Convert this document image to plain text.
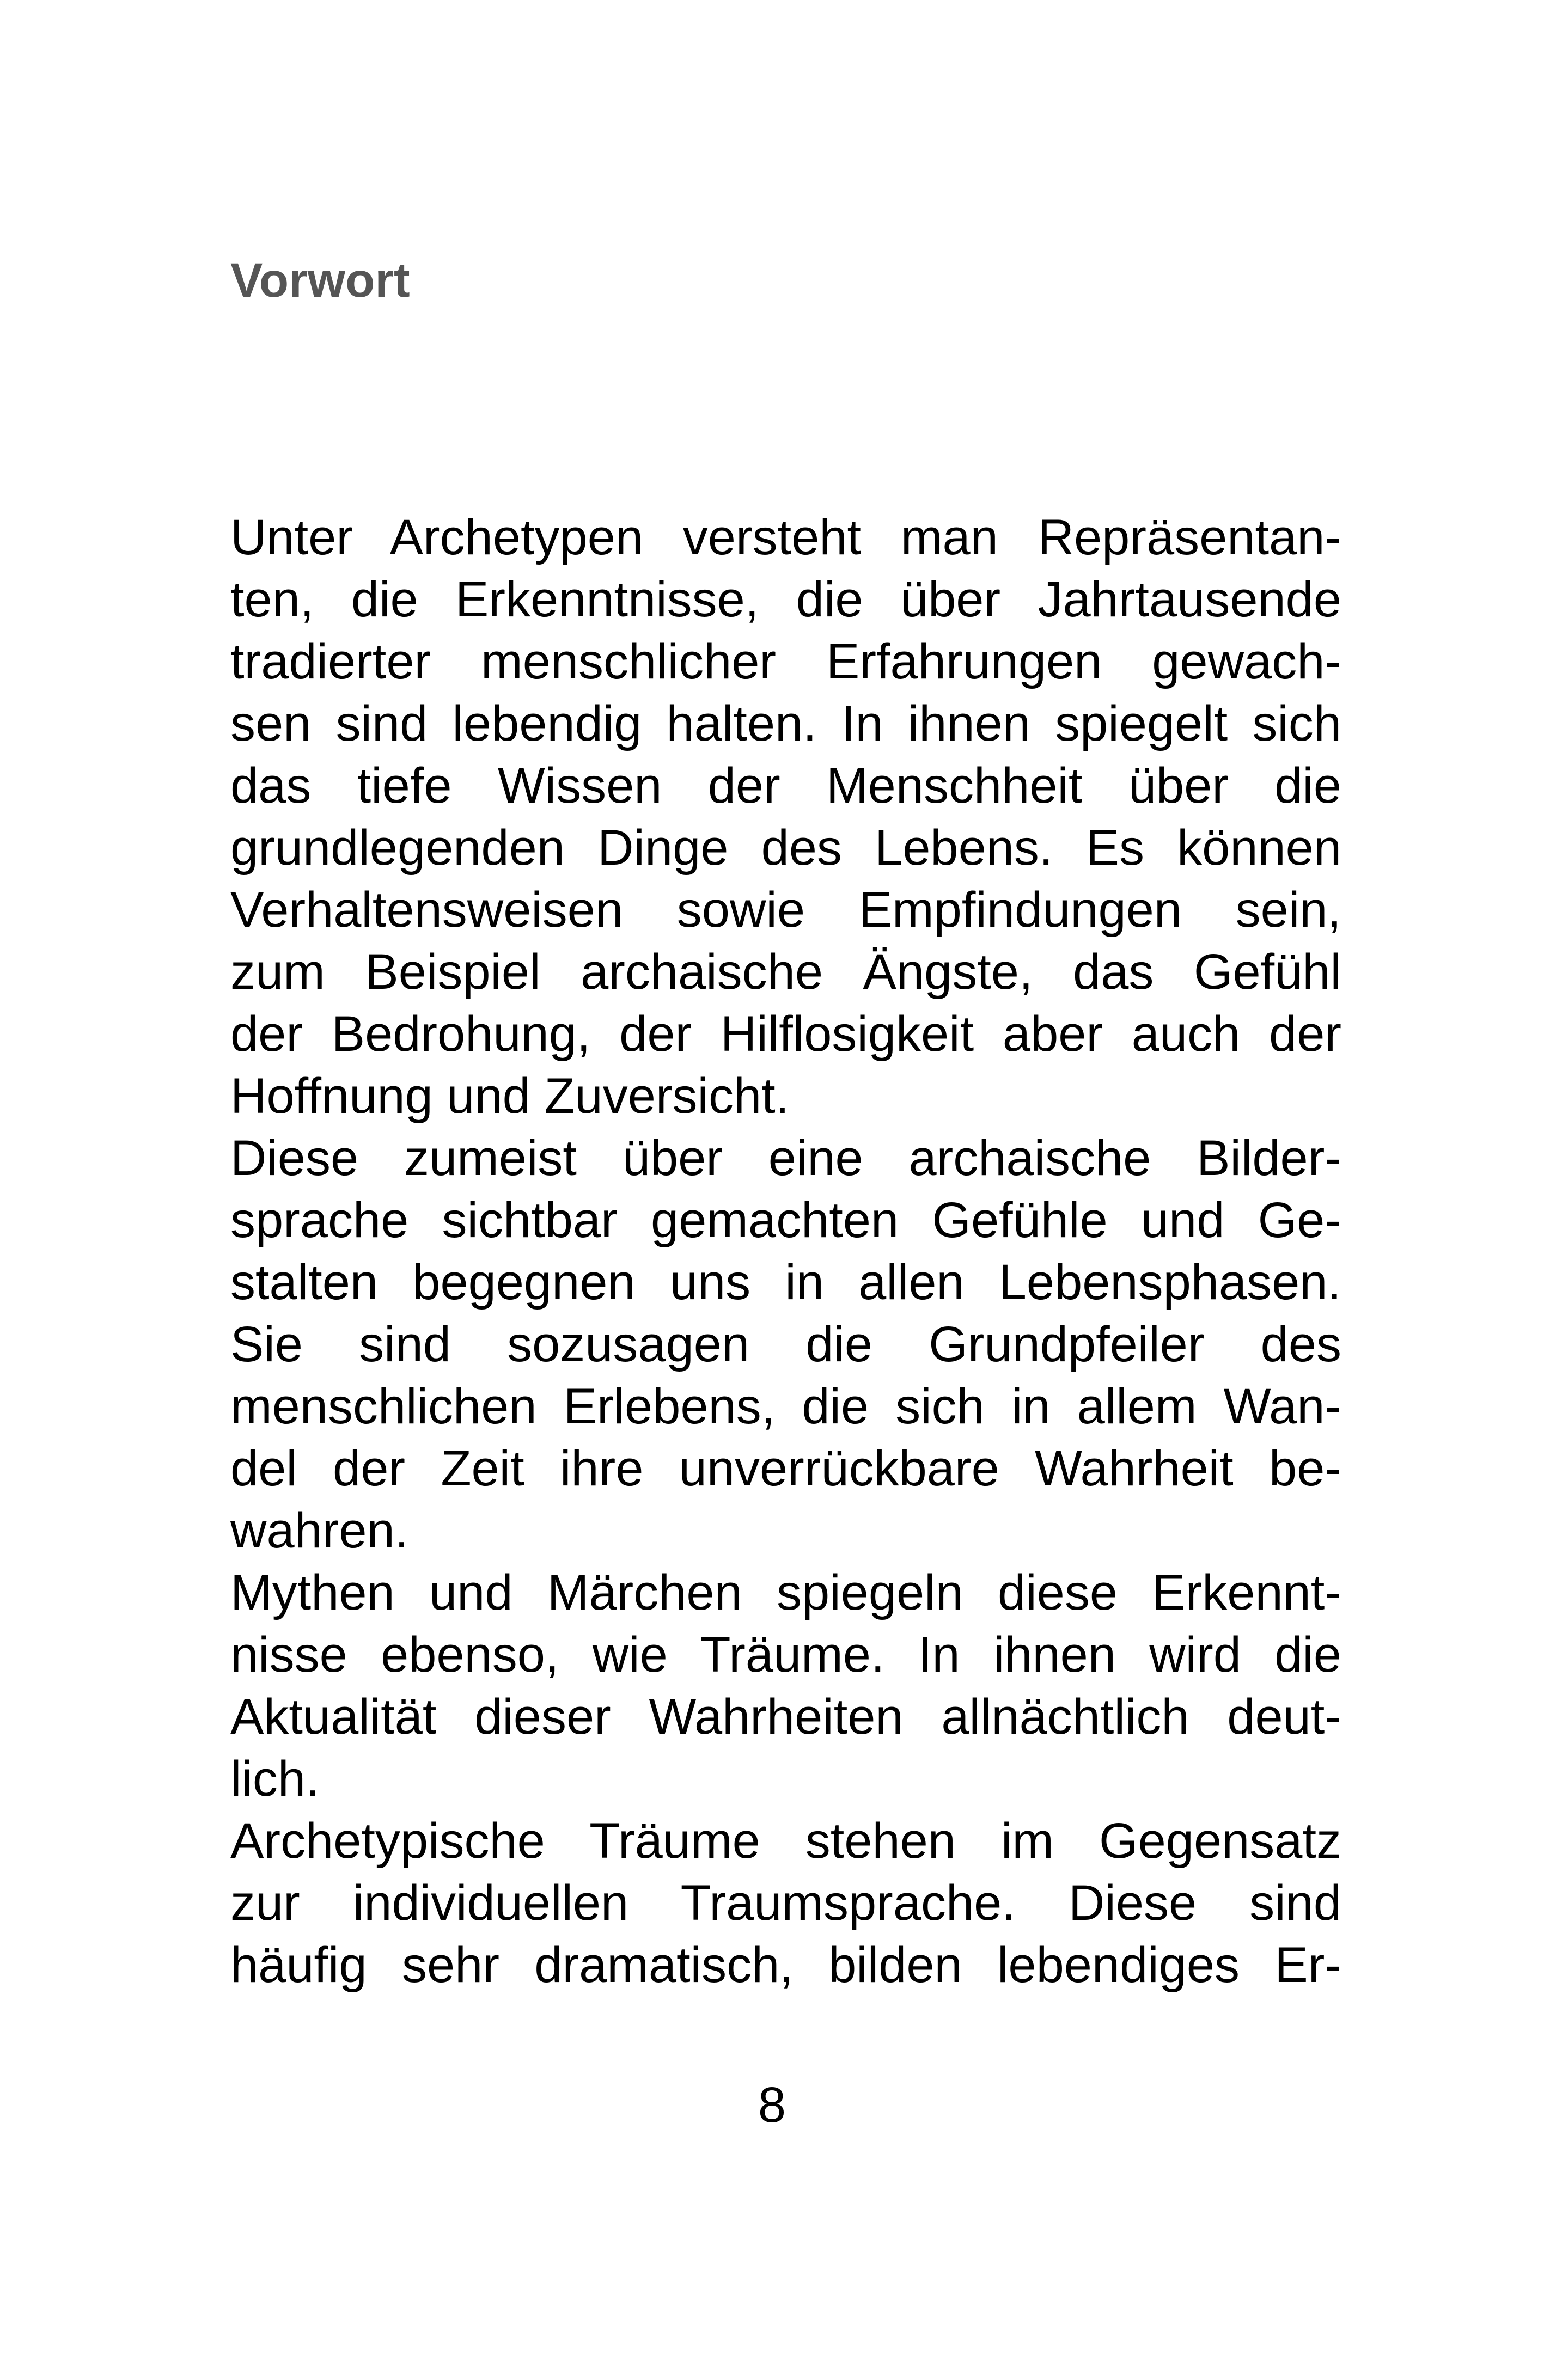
Vorwort
Unter Archetypen versteht man Repräsentan-
ten, die Erkenntnisse, die über Jahrtausende
tradierter menschlicher Erfahrungen gewach-
sen sind lebendig halten. In ihnen spiegelt sich
das tiefe Wissen der Menschheit über die
grundlegenden Dinge des Lebens. Es können
Verhaltensweisen sowie Empfindungen sein,
zum Beispiel archaische Ängste, das Gefühl
der Bedrohung, der Hilflosigkeit aber auch der
Hoffnung und Zuversicht.
Diese zumeist über eine archaische Bilder-
sprache sichtbar gemachten Gefühle und Ge-
stalten begegnen uns in allen Lebensphasen.
Sie sind sozusagen die Grundpfeiler des
menschlichen Erlebens, die sich in allem Wan-
del der Zeit ihre unverrückbare Wahrheit be-
wahren.
Mythen und Märchen spiegeln diese Erkennt-
nisse ebenso, wie Träume. In ihnen wird die
Aktualität dieser Wahrheiten allnächtlich deut-
lich.
Archetypische Träume stehen im Gegensatz
zur individuellen Traumsprache. Diese sind
häufig sehr dramatisch, bilden lebendiges Er-
8
